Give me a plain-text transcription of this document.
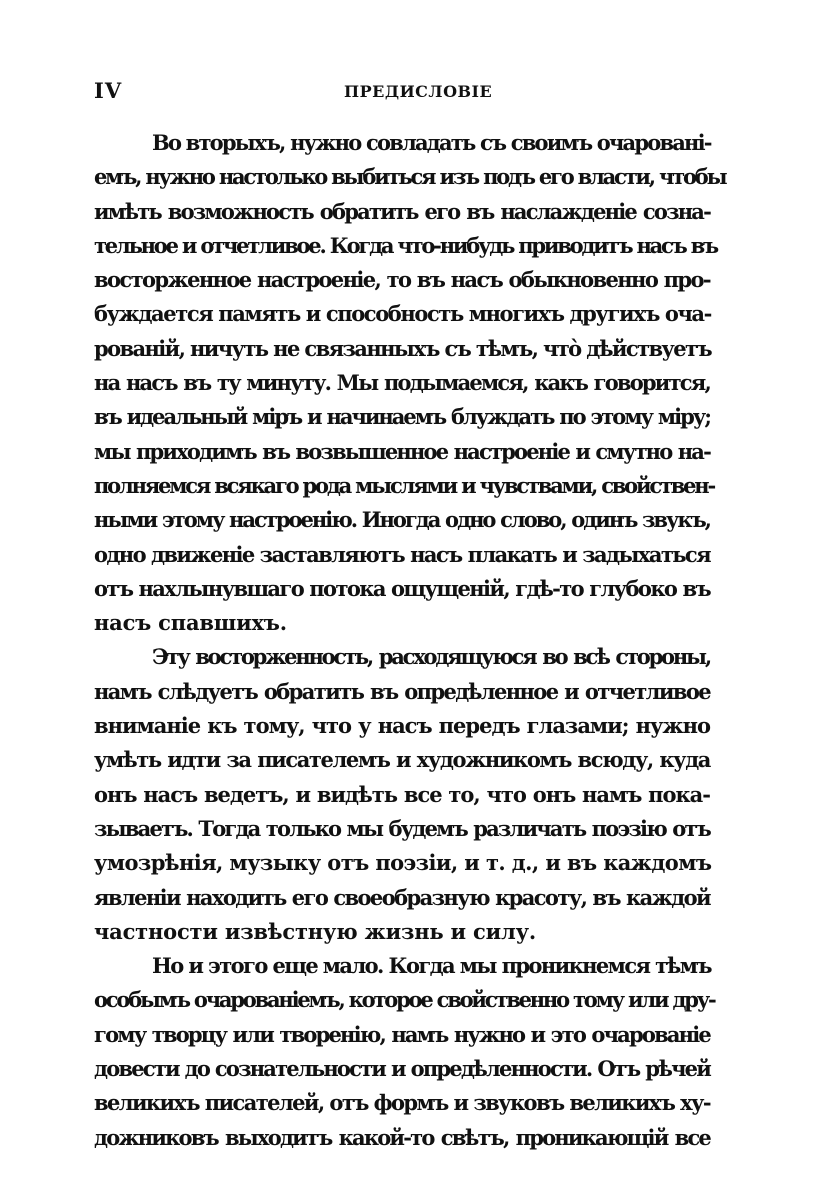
IV	ПРЕДИСЛОВІЕ
Во вторыхъ, нужно совладать съ своимъ очарованi-
емъ, нужно настолько выбиться изъ подъ его власти, чтобы
имѣть возможность обратить его въ наслажденіе созна-
тельное и отчетливое. Когда что-нибудь приводитъ насъ въ
восторженное настроеніе, то въ насъ обыкновенно про-
буждается память и способность многихъ другихъ оча-
рованій, ничуть не связанныхъ съ тѣмъ, что̀ дѣйствуетъ
на насъ въ ту минуту. Мы подымаемся, какъ говорится,
въ идеальный міръ и начинаемъ блуждать по этому міру;
мы приходимъ въ возвышенное настроеніе и смутно на-
полняемся всякаго рода мыслями и чувствами, свойствен-
ными этому настроенію. Иногда одно слово, одинъ звукъ,
одно движеніе заставляютъ насъ плакать и задыхаться
отъ нахлынувшаго потока ощущеній, гдѣ-то глубоко въ
насъ спавшихъ.
Эту восторженность, расходящуюся во всѣ стороны,
намъ слѣдуетъ обратить въ опредѣленное и отчетливое
вниманіе къ тому, что у насъ передъ глазами; нужно
умѣть идти за писателемъ и художникомъ всюду, куда
онъ насъ ведетъ, и видѣть все то, что онъ намъ пока-
зываетъ. Тогда только мы будемъ различать поэзію отъ
умозрѣнія, музыку отъ поэзіи, и т. д., и въ каждомъ
явленіи находить его своеобразную красоту, въ каждой
частности извѣстную жизнь и силу.
Но и этого еще мало. Когда мы проникнемся тѣмъ
особымъ очарованіемъ, которое свойственно тому или дру-
гому творцу или творенію, намъ нужно и это очарованіе
довести до сознательности и опредѣленности. Отъ рѣчей
великихъ писателей, отъ формъ и звуковъ великихъ ху-
дожниковъ выходитъ какой-то свѣтъ, проникающій все
